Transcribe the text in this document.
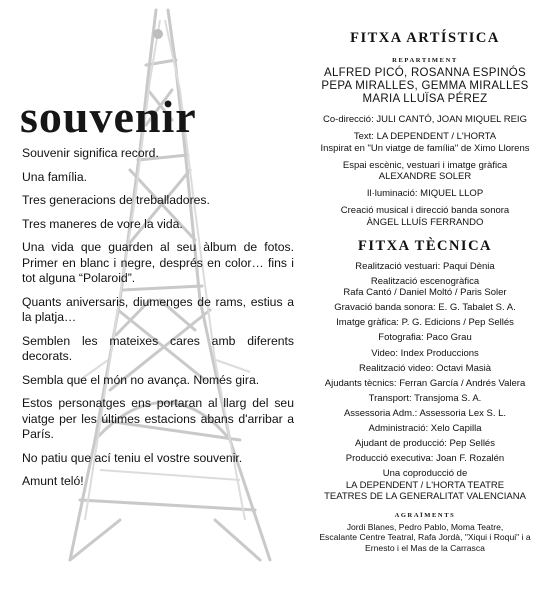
souvenir

Souvenir significa record.

Una família.

Tres generacions de treballadores.

Tres maneres de vore la vida.

Una vida que guarden al seu àlbum de fotos. Primer en blanc i negre, després en color… fins i tot alguna “Polaroid”.

Quants aniversaris, diumenges de rams, estius a la platja…

Semblen les mateixes cares amb diferents decorats.

Sembla que el món no avança. Només gira.

Estos personatges ens portaran al llarg del seu viatge per les últimes estacions abans d'arribar a París.

No patiu que ací teniu el vostre souvenir.

Amunt teló!

FITXA ARTÍSTICA
REPARTIMENT
ALFRED PICÓ, ROSANNA ESPINÓS
PEPA MIRALLES, GEMMA MIRALLES
MARIA LLUÏSA PÉREZ
Co-direcció: JULI CANTÓ, JOAN MIQUEL REIG
Text: LA DEPENDENT / L'HORTA
Inspirat en "Un viatge de família" de Ximo Llorens
Espai escènic, vestuari i imatge gràfica
ALEXANDRE SOLER
Il·luminació: MIQUEL LLOP
Creació musical i direcció banda sonora
ÀNGEL LLUÍS FERRANDO
FITXA TÈCNICA
Realització vestuari: Paqui Dènia
Realització escenogràfica
Rafa Cantó / Daniel Moltó / Paris Soler
Gravació banda sonora: E. G. Tabalet S. A.
Imatge gràfica: P. G. Edicions / Pep Sellés
Fotografia: Paco Grau
Video: Index Produccions
Realització video: Octavi Masià
Ajudants tècnics: Ferran García / Andrés Valera
Transport: Transjoma S. A.
Assessoria Adm.: Assessoria Lex S. L.
Administració: Xelo Capilla
Ajudant de producció: Pep Sellés
Producció executiva: Joan F. Rozalén
Una coproducció de
LA DEPENDENT / L'HORTA TEATRE
TEATRES DE LA GENERALITAT VALENCIANA
AGRAÏMENTS
Jordi Blanes, Pedro Pablo, Moma Teatre,
Escalante Centre Teatral, Rafa Jordà, "Xiqui i Roqui" i a
Ernesto i el Mas de la Carrasca
